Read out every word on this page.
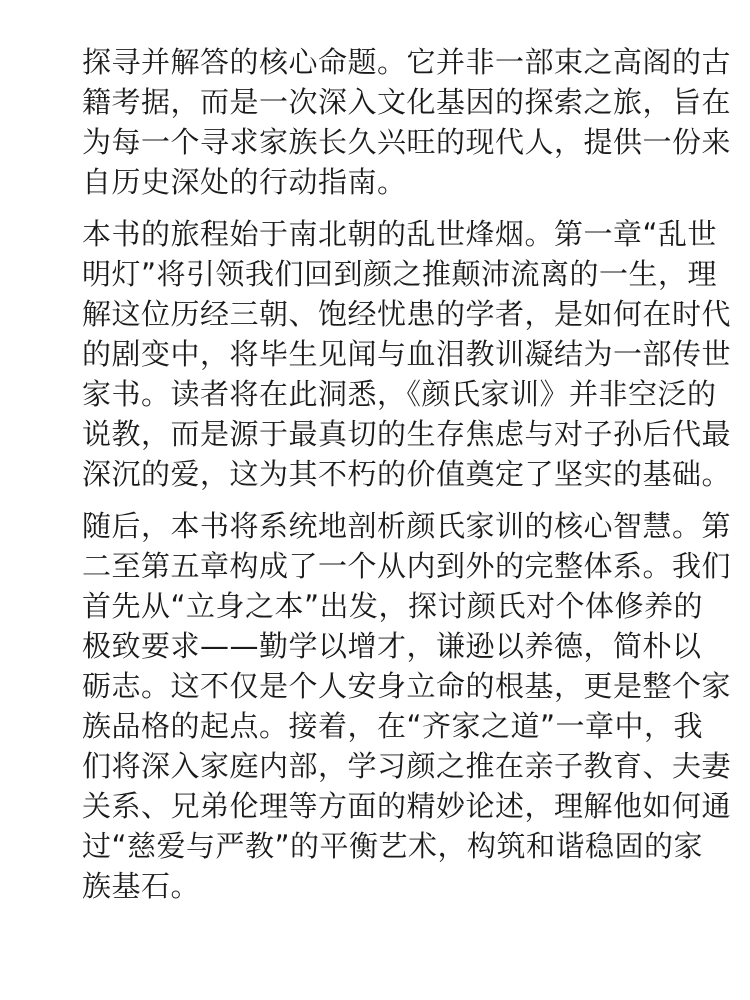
探寻并解答的核心命题。它并非一部束之高阁的古
籍考据，而是一次深入文化基因的探索之旅，旨在
为每一个寻求家族长久兴旺的现代人，提供一份来
自历史深处的行动指南。
本书的旅程始于南北朝的乱世烽烟。第一章“乱世
明灯”将引领我们回到颜之推颠沛流离的一生，理
解这位历经三朝、饱经忧患的学者，是如何在时代
的剧变中，将毕生见闻与血泪教训凝结为一部传世
家书。读者将在此洞悉，《颜氏家训》并非空泛的
说教，而是源于最真切的生存焦虑与对子孙后代最
深沉的爱，这为其不朽的价值奠定了坚实的基础。
随后，本书将系统地剖析颜氏家训的核心智慧。第
二至第五章构成了一个从内到外的完整体系。我们
首先从“立身之本”出发，探讨颜氏对个体修养的
极致要求——勤学以增才，谦逊以养德，简朴以
砺志。这不仅是个人安身立命的根基，更是整个家
族品格的起点。接着，在“齐家之道”一章中，我
们将深入家庭内部，学习颜之推在亲子教育、夫妻
关系、兄弟伦理等方面的精妙论述，理解他如何通
过“慈爱与严教”的平衡艺术，构筑和谐稳固的家
族基石。
